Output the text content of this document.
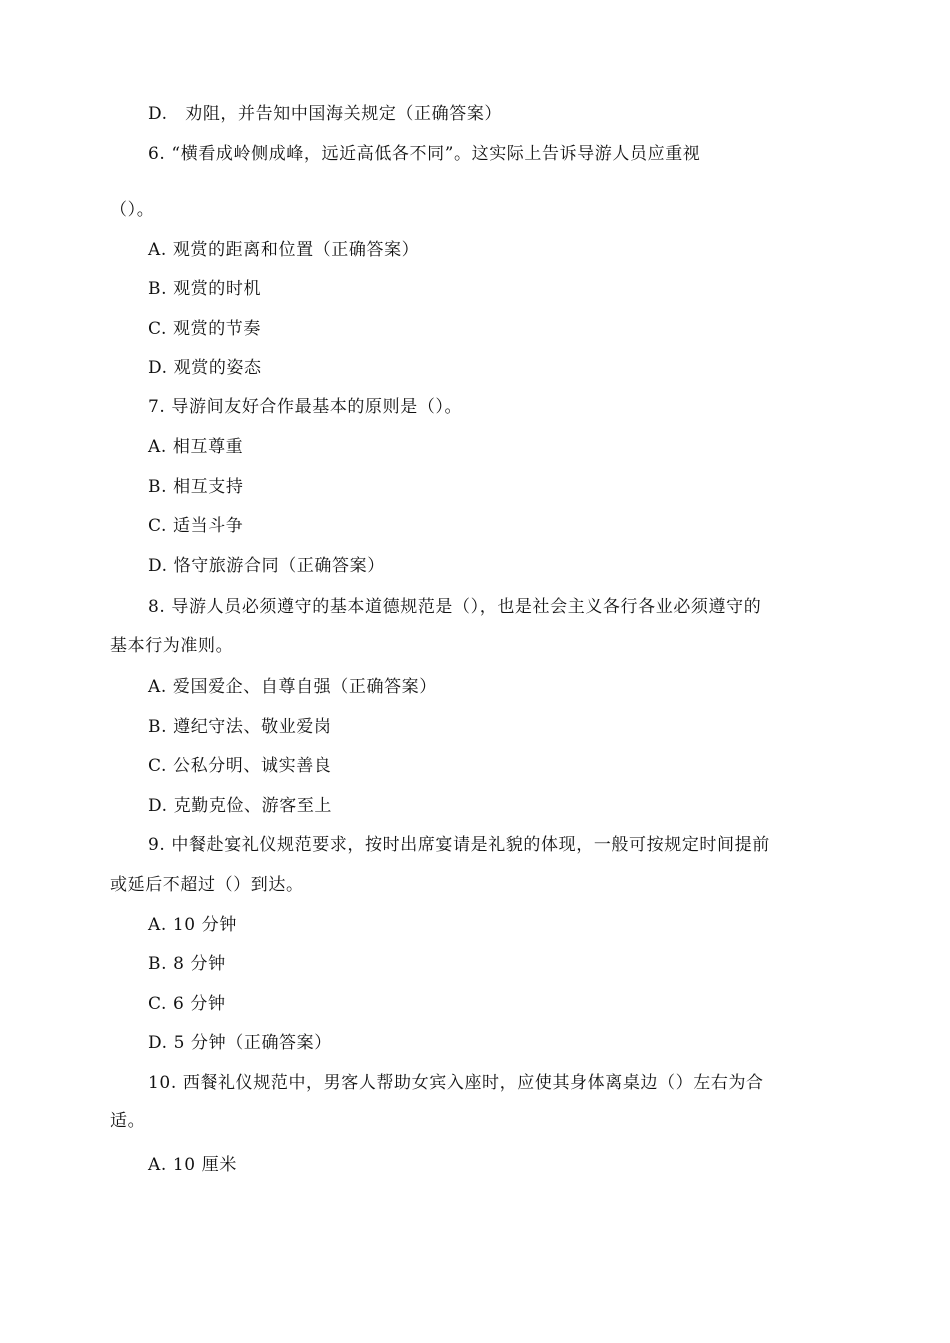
D.　劝阻，并告知中国海关规定（正确答案）
6. “横看成岭侧成峰，远近高低各不同”。这实际上告诉导游人员应重视
（）。
A. 观赏的距离和位置（正确答案）
B. 观赏的时机
C. 观赏的节奏
D. 观赏的姿态
7. 导游间友好合作最基本的原则是（）。
A. 相互尊重
B. 相互支持
C. 适当斗争
D. 恪守旅游合同（正确答案）
8. 导游人员必须遵守的基本道德规范是（），也是社会主义各行各业必须遵守的
基本行为准则。
A. 爱国爱企、自尊自强（正确答案）
B. 遵纪守法、敬业爱岗
C. 公私分明、诚实善良
D. 克勤克俭、游客至上
9. 中餐赴宴礼仪规范要求，按时出席宴请是礼貌的体现，一般可按规定时间提前
或延后不超过（）到达。
A. 10 分钟
B. 8 分钟
C. 6 分钟
D. 5 分钟（正确答案）
10. 西餐礼仪规范中，男客人帮助女宾入座时，应使其身体离桌边（）左右为合
适。
A. 10 厘米
